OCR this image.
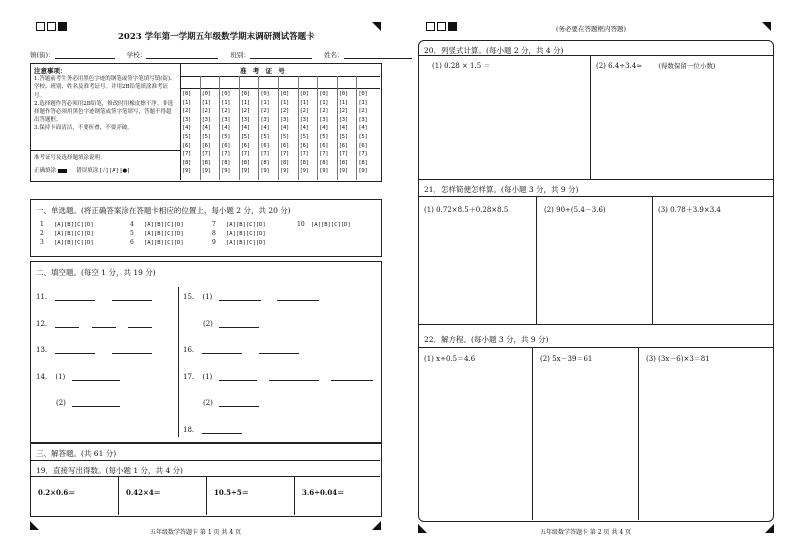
2023 学年第一学期五年级数学期末调研测试答题卡
镇(街)：	学校：	班别：	姓名：
注意事项：
1.答题前考生务必用黑色字迹的钢笔或签字笔填写镇(街)、学校、班别、姓名及准考证号。并用2B铅笔填涂准考证号。
2.选择题作答必须用2B铅笔，修改时用橡皮擦干净。非选择题作答必须用黑色字迹钢笔或签字笔填写，答题不得超出答题框。
3.保持卡面清洁，不要折叠、不要弄破。
准考证号及选择题填涂说明：
正确填涂	错误填涂 [✓] [✗] [●]
准 考 证 号
[0] [0] [0] [0] [0] [0] [0] [0] [0] [0]
[1] [1] [1] [1] [1] [1] [1] [1] [1] [1]
[2] [2] [2] [2] [2] [2] [2] [2] [2] [2]
[3] [3] [3] [3] [3] [3] [3] [3] [3] [3]
[4] [4] [4] [4] [4] [4] [4] [4] [4] [4]
[5] [5] [5] [5] [5] [5] [5] [5] [5] [5]
[6] [6] [6] [6] [6] [6] [6] [6] [6] [6]
[7] [7] [7] [7] [7] [7] [7] [7] [7] [7]
[8] [8] [8] [8] [8] [8] [8] [8] [8] [8]
[9] [9] [9] [9] [9] [9] [9] [9] [9] [9]
一、单选题。(将正确答案涂在答题卡相应的位置上，每小题 2 分，共 20 分)
1 [A][B][C][D]
2 [A][B][C][D]
3 [A][B][C][D]
4 [A][B][C][D]
5 [A][B][C][D]
6 [A][B][C][D]
7 [A][B][C][D]
8 [A][B][C][D]
9 [A][B][C][D]
10 [A][B][C][D]
二、填空题。(每空 1 分，共 19 分)
11.
12.
13.
14. (1)
(2)
15. (1)
(2)
16.
17. (1)
(2)
18.
三、解答题。(共 61 分)
19．直接写出得数。(每小题 1 分，共 4 分)
0.2×0.6＝	0.42×4＝	10.5÷5＝	3.6÷0.04＝
五年级数学答题卡 第 1 页 共 4 页
(务必要在答题框内答题)
20．列竖式计算。(每小题 2 分，共 4 分)
(1) 0.28 × 1.5 ＝	(2) 6.4÷3.4≈ (得数保留一位小数)
21．怎样简便怎样算。(每小题 3 分，共 9 分)
(1) 0.72×8.5＋0.28×8.5	(2) 90÷(5.4－3.6)	(3) 0.78＋3.9×3.4
22．解方程。(每小题 3 分，共 9 分)
(1) x÷0.5＝4.6	(2) 5x－39＝61	(3) (3x－6)×3＝81
五年级数学答题卡 第 2 页 共 4 页
